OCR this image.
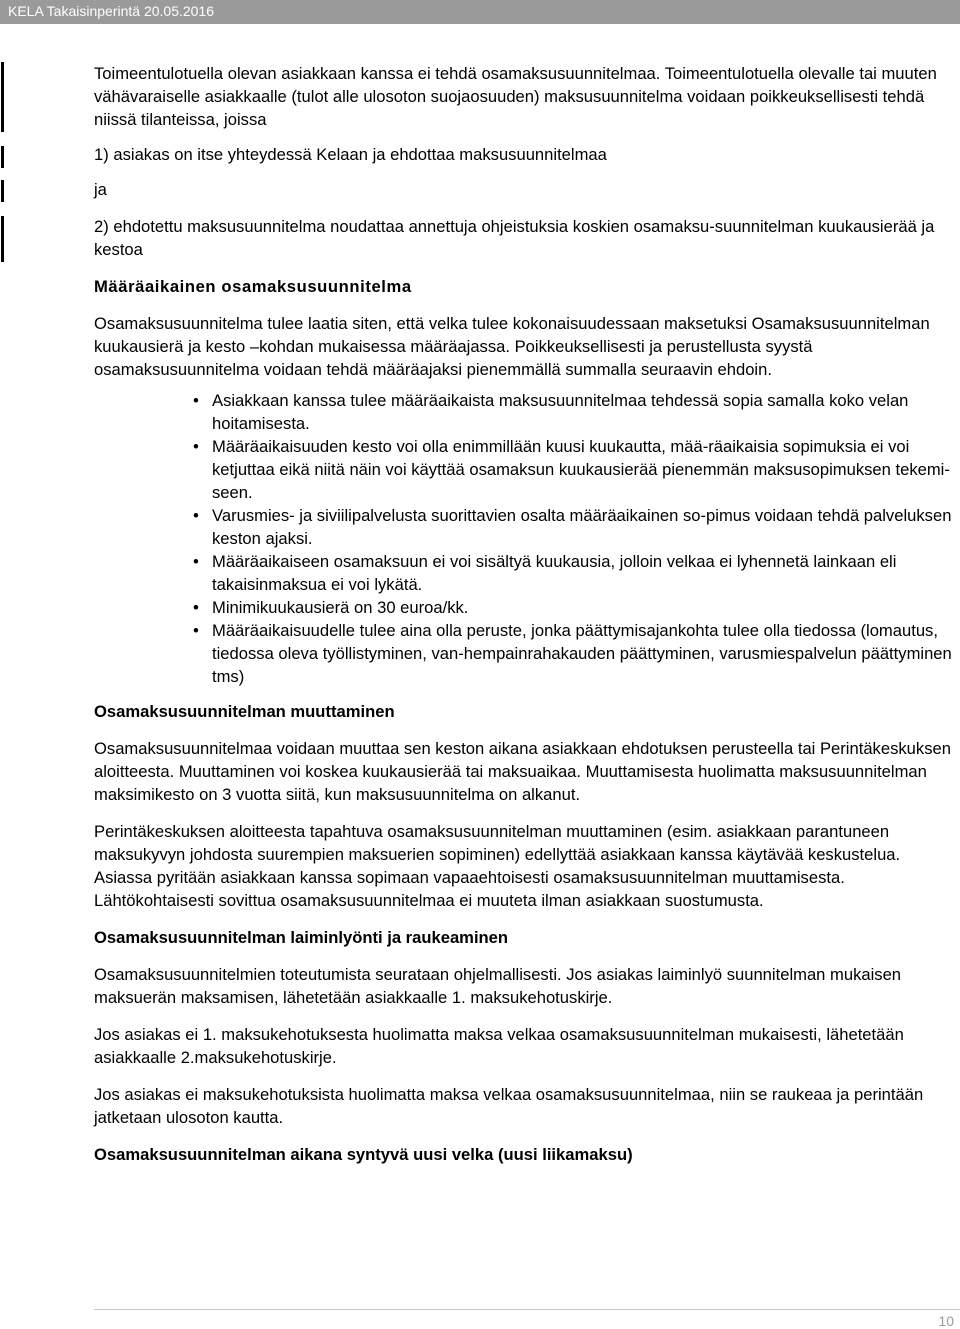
KELA Takaisinperintä 20.05.2016

Toimeentulotuella olevan asiakkaan kanssa ei tehdä osamaksusuunnitelmaa. Toimeentulotuella olevalle tai muuten vähävaraiselle asiakkaalle (tulot alle ulosoton suojaosuuden) maksusuunnitelma voidaan poikkeuksellisesti tehdä niissä tilanteissa, joissa

1) asiakas on itse yhteydessä Kelaan ja ehdottaa maksusuunnitelmaa

ja

2) ehdotettu maksusuunnitelma noudattaa annettuja ohjeistuksia koskien osamaksu-suunnitelman kuukausierää ja kestoa

Määräaikainen osamaksusuunnitelma

Osamaksusuunnitelma tulee laatia siten, että velka tulee kokonaisuudessaan maksetuksi Osamaksusuunnitelman kuukausierä ja kesto –kohdan mukaisessa määräajassa. Poikkeuksellisesti ja perustellusta syystä osamaksusuunnitelma voidaan tehdä määräajaksi pienemmällä summalla seuraavin ehdoin.

• Asiakkaan kanssa tulee määräaikaista maksusuunnitelmaa tehdessä sopia samalla koko velan hoitamisesta.
• Määräaikaisuuden kesto voi olla enimmillään kuusi kuukautta, mää-räaikaisia sopimuksia ei voi ketjuttaa eikä niitä näin voi käyttää osamaksun kuukausierää pienemmän maksusopimuksen tekemi-seen.
• Varusmies- ja siviilipalvelusta suorittavien osalta määräaikainen so-pimus voidaan tehdä palveluksen keston ajaksi.
• Määräaikaiseen osamaksuun ei voi sisältyä kuukausia, jolloin velkaa ei lyhennetä lainkaan eli takaisinmaksua ei voi lykätä.
• Minimikuukausierä on 30 euroa/kk.
• Määräaikaisuudelle tulee aina olla peruste, jonka päättymisajankohta tulee olla tiedossa (lomautus, tiedossa oleva työllistyminen, van-hempainrahakauden päättyminen, varusmiespalvelun päättyminen tms)

Osamaksusuunnitelman muuttaminen

Osamaksusuunnitelmaa voidaan muuttaa sen keston aikana asiakkaan ehdotuksen perusteella tai Perintäkeskuksen aloitteesta. Muuttaminen voi koskea kuukausierää tai maksuaikaa. Muuttamisesta huolimatta maksusuunnitelman maksimikesto on 3 vuotta siitä, kun maksusuunnitelma on alkanut.

Perintäkeskuksen aloitteesta tapahtuva osamaksusuunnitelman muuttaminen (esim. asiakkaan parantuneen maksukyvyn johdosta suurempien maksuerien sopiminen) edellyttää asiakkaan kanssa käytävää keskustelua. Asiassa pyritään asiakkaan kanssa sopimaan vapaaehtoisesti osamaksusuunnitelman muuttamisesta. Lähtökohtaisesti sovittua osamaksusuunnitelmaa ei muuteta ilman asiakkaan suostumusta.

Osamaksusuunnitelman laiminlyönti ja raukeaminen

Osamaksusuunnitelmien toteutumista seurataan ohjelmallisesti. Jos asiakas laiminlyö suunnitelman mukaisen maksuerän maksamisen, lähetetään asiakkaalle 1. maksukehotuskirje.

Jos asiakas ei 1. maksukehotuksesta huolimatta maksa velkaa osamaksusuunnitelman mukaisesti, lähetetään asiakkaalle 2.maksukehotuskirje.

Jos asiakas ei maksukehotuksista huolimatta maksa velkaa osamaksusuunnitelmaa, niin se raukeaa ja perintään jatketaan ulosoton kautta.

Osamaksusuunnitelman aikana syntyvä uusi velka (uusi liikamaksu)

10
